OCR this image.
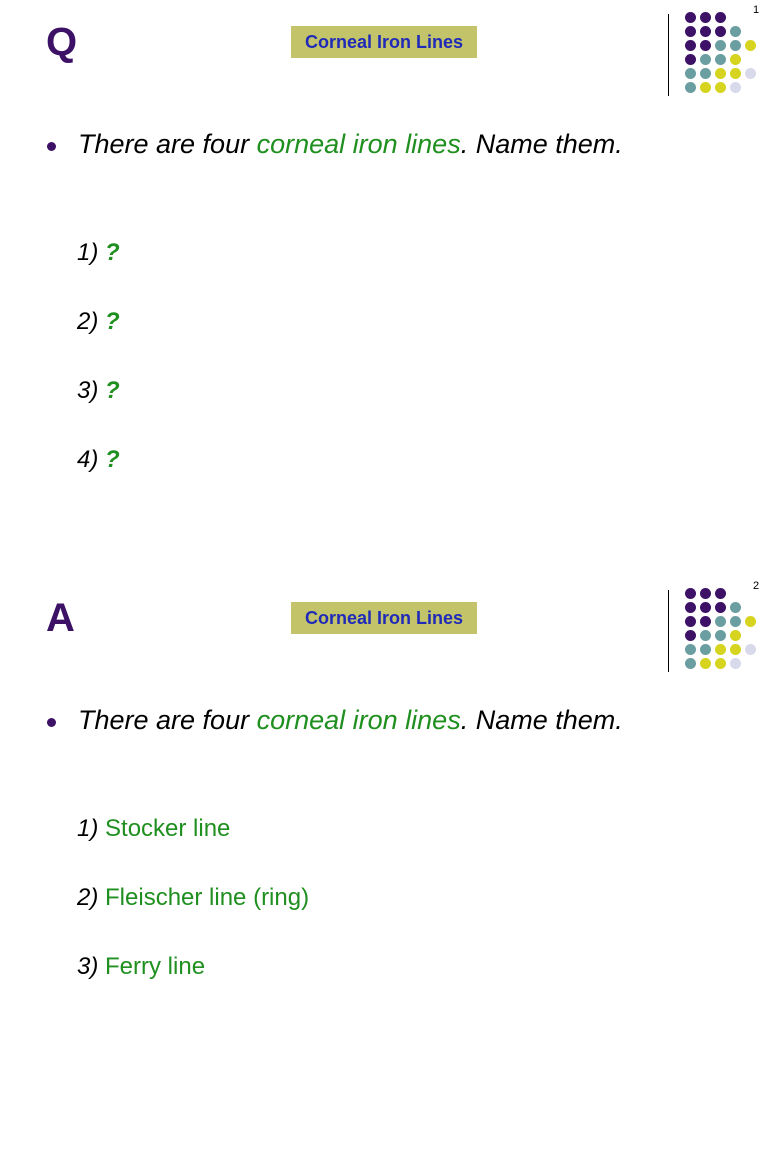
Q	Corneal Iron Lines
1
There are four corneal iron lines. Name them.
1) ?
2) ?
3) ?
4) ?
A	Corneal Iron Lines
2
There are four corneal iron lines. Name them.
1) Stocker line
2) Fleischer line (ring)
3) Ferry line
